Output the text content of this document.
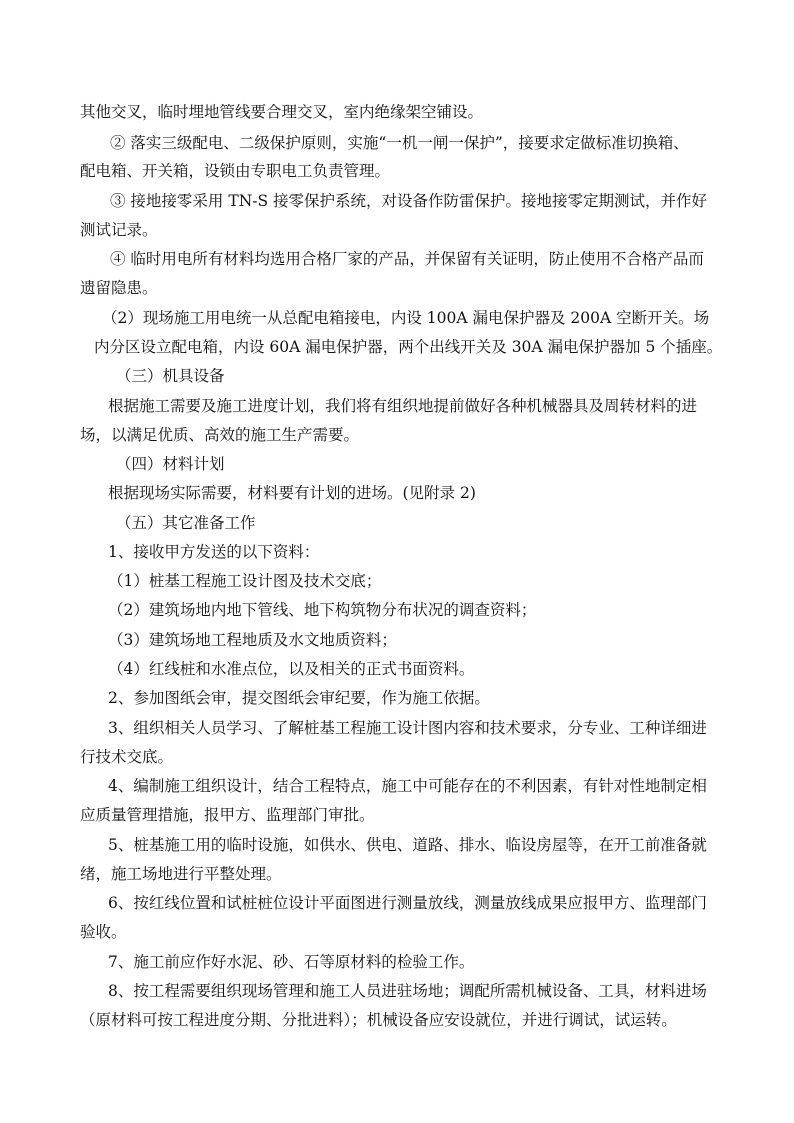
其他交叉，临时埋地管线要合理交叉，室内绝缘架空铺设。
② 落实三级配电、二级保护原则，实施“一机一闸一保护”，接要求定做标准切换箱、
配电箱、开关箱，设锁由专职电工负责管理。
③ 接地接零采用 TN-S 接零保护系统，对设备作防雷保护。接地接零定期测试，并作好
测试记录。
④ 临时用电所有材料均选用合格厂家的产品，并保留有关证明，防止使用不合格产品而
遗留隐患。
（2）现场施工用电统一从总配电箱接电，内设 100A 漏电保护器及 200A 空断开关。场
内分区设立配电箱，内设 60A 漏电保护器，两个出线开关及 30A 漏电保护器加 5 个插座。
（三）机具设备
根据施工需要及施工进度计划，我们将有组织地提前做好各种机械器具及周转材料的进
场，以满足优质、高效的施工生产需要。
（四）材料计划
根据现场实际需要，材料要有计划的进场。(见附录 2)
（五）其它准备工作
1、接收甲方发送的以下资料：
（1）桩基工程施工设计图及技术交底；
（2）建筑场地内地下管线、地下构筑物分布状况的调查资料；
（3）建筑场地工程地质及水文地质资料；
（4）红线桩和水准点位，以及相关的正式书面资料。
2、参加图纸会审，提交图纸会审纪要，作为施工依据。
3、组织相关人员学习、了解桩基工程施工设计图内容和技术要求，分专业、工种详细进
行技术交底。
4、编制施工组织设计，结合工程特点，施工中可能存在的不利因素，有针对性地制定相
应质量管理措施，报甲方、监理部门审批。
5、桩基施工用的临时设施，如供水、供电、道路、排水、临设房屋等，在开工前准备就
绪，施工场地进行平整处理。
6、按红线位置和试桩桩位设计平面图进行测量放线，测量放线成果应报甲方、监理部门
验收。
7、施工前应作好水泥、砂、石等原材料的检验工作。
8、按工程需要组织现场管理和施工人员进驻场地；调配所需机械设备、工具，材料进场
（原材料可按工程进度分期、分批进料）；机械设备应安设就位，并进行调试，试运转。
